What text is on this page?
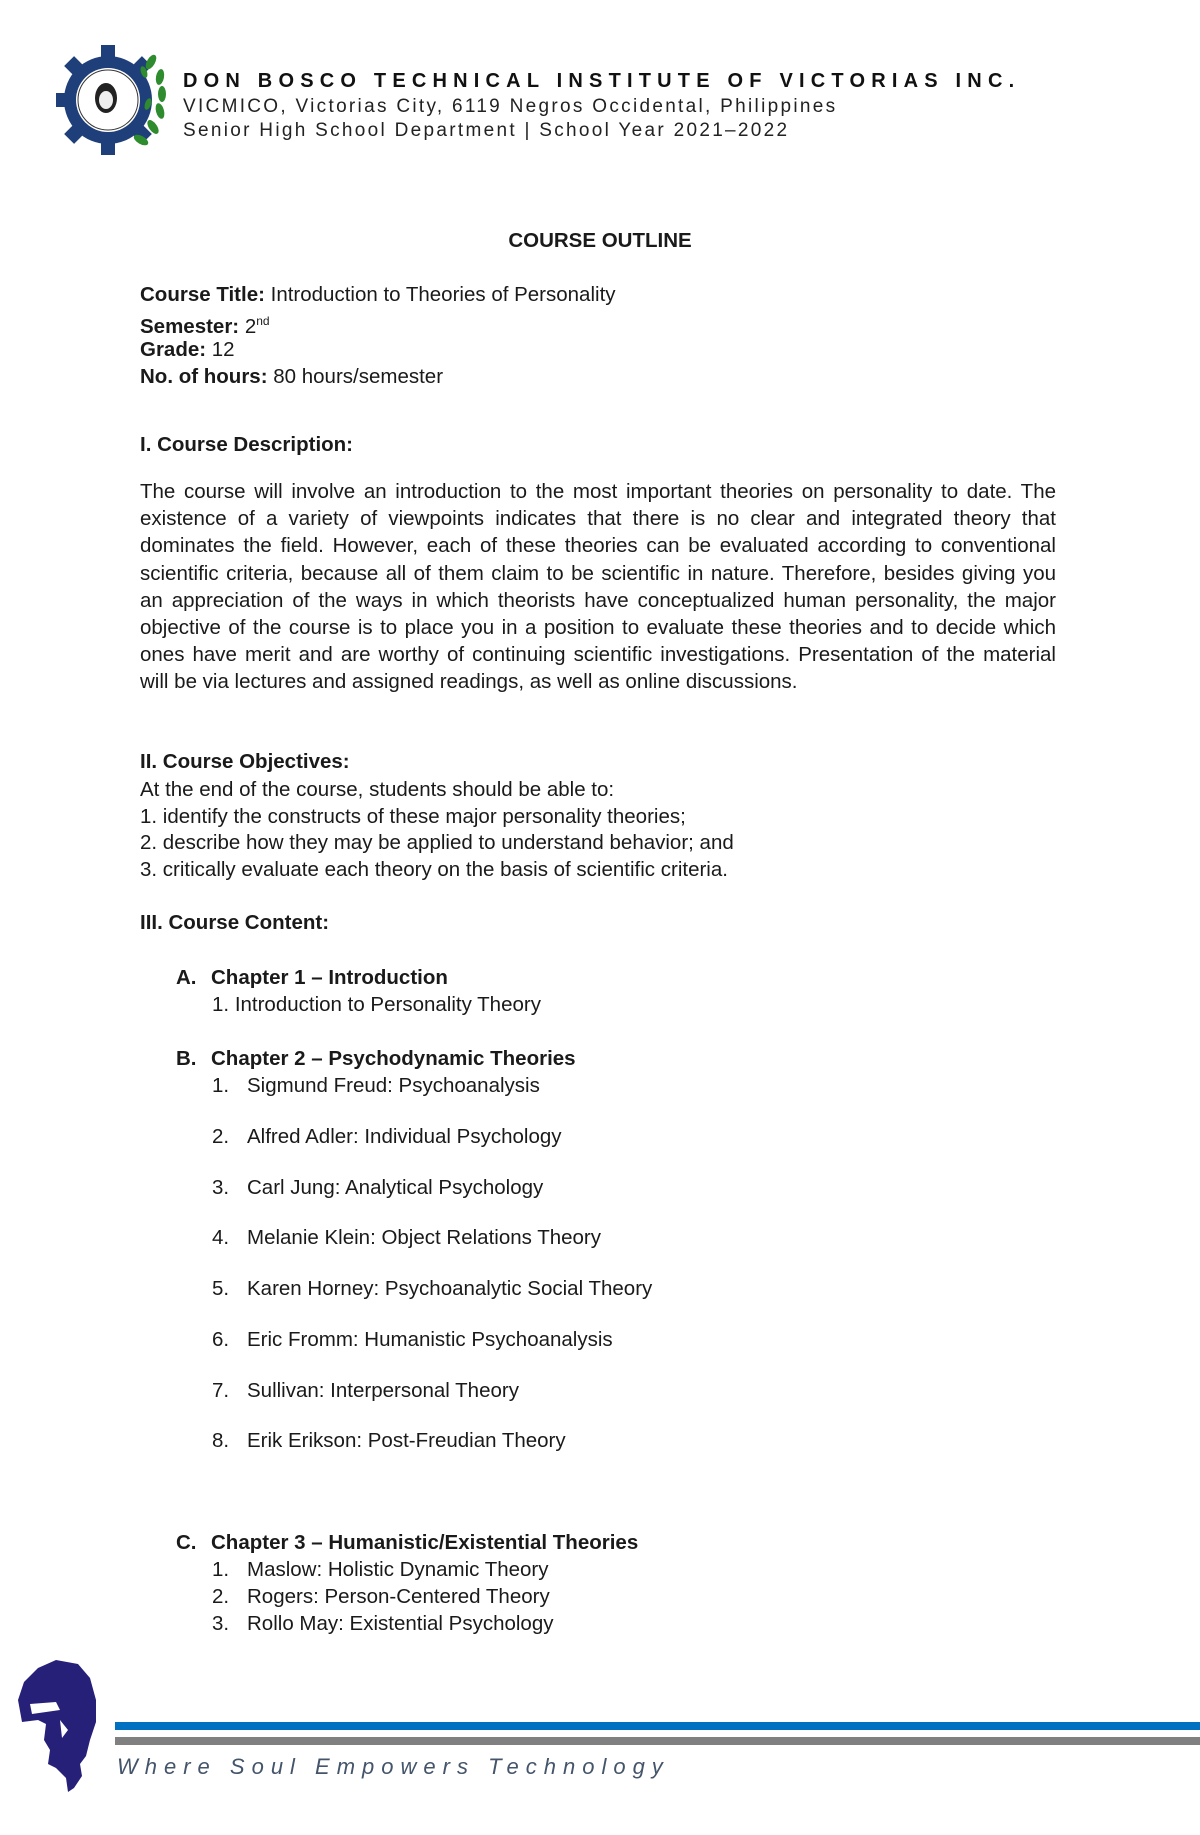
DON BOSCO TECHNICAL INSTITUTE OF VICTORIAS INC.
VICMICO, Victorias City, 6119 Negros Occidental, Philippines
Senior High School Department | School Year 2021–2022
COURSE OUTLINE
Course Title: Introduction to Theories of Personality
Semester: 2nd
Grade: 12
No. of hours: 80 hours/semester
I. Course Description:
The course will involve an introduction to the most important theories on personality to date. The existence of a variety of viewpoints indicates that there is no clear and integrated theory that dominates the field. However, each of these theories can be evaluated according to conventional scientific criteria, because all of them claim to be scientific in nature. Therefore, besides giving you an appreciation of the ways in which theorists have conceptualized human personality, the major objective of the course is to place you in a position to evaluate these theories and to decide which ones have merit and are worthy of continuing scientific investigations. Presentation of the material will be via lectures and assigned readings, as well as online discussions.
II. Course Objectives:
At the end of the course, students should be able to:
1. identify the constructs of these major personality theories;
2. describe how they may be applied to understand behavior; and
3. critically evaluate each theory on the basis of scientific criteria.
III. Course Content:
A. Chapter 1 – Introduction
1. Introduction to Personality Theory
B. Chapter 2 – Psychodynamic Theories
1. Sigmund Freud: Psychoanalysis
2. Alfred Adler: Individual Psychology
3. Carl Jung: Analytical Psychology
4. Melanie Klein: Object Relations Theory
5. Karen Horney: Psychoanalytic Social Theory
6. Eric Fromm: Humanistic Psychoanalysis
7. Sullivan: Interpersonal Theory
8. Erik Erikson: Post-Freudian Theory
C. Chapter 3 – Humanistic/Existential Theories
1. Maslow: Holistic Dynamic Theory
2. Rogers: Person-Centered Theory
3. Rollo May: Existential Psychology
Where Soul Empowers Technology
